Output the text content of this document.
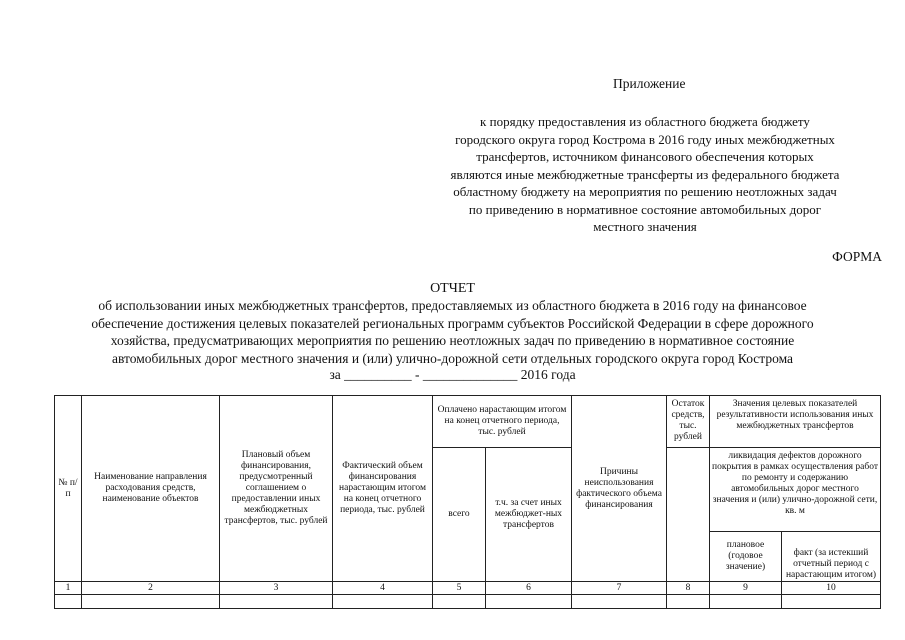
Приложение
к порядку предоставления из областного бюджета бюджету
городского округа город Кострома в 2016 году иных межбюджетных
трансфертов, источником финансового обеспечения которых
являются иные межбюджетные трансферты из федерального бюджета
областному бюджету на мероприятия по решению неотложных задач
по приведению в нормативное состояние автомобильных дорог
местного значения
ФОРМА
ОТЧЕТ
об использовании иных межбюджетных трансфертов, предоставляемых из областного бюджета в 2016 году на финансовое
обеспечение достижения целевых показателей региональных программ субъектов Российской Федерации в сфере дорожного
хозяйства, предусматривающих мероприятия по решению неотложных задач по приведению в нормативное состояние
автомобильных дорог местного значения и (или) улично-дорожной сети отдельных городского округа город Кострома
за __________ - ______________ 2016 года
№ п/п	Наименование направления расходования средств, наименование объектов	Плановый объем финансирования, предусмотренный соглашением о предоставлении иных межбюджетных трансфертов, тыс. рублей	Фактический объем финансирования нарастающим итогом на конец отчетного периода, тыс. рублей	Оплачено нарастающим итогом на конец отчетного периода, тыс. рублей		Причины неиспользования фактического объема финансирования	Остаток средств, тыс. рублей	Значения целевых показателей результативности использования иных межбюджетных трансфертов		
				всего	т.ч. за счет иных межбюджет-ных трансфертов			ликвидация дефектов дорожного покрытия в рамках осуществления работ по ремонту и содержанию автомобильных дорог местного значения и (или) улично-дорожной сети, кв. м		
								плановое (годовое значение)	факт (за истекший отчетный период с нарастающим итогом)	

1	2	3	4	5	6	7	8	9	10	
